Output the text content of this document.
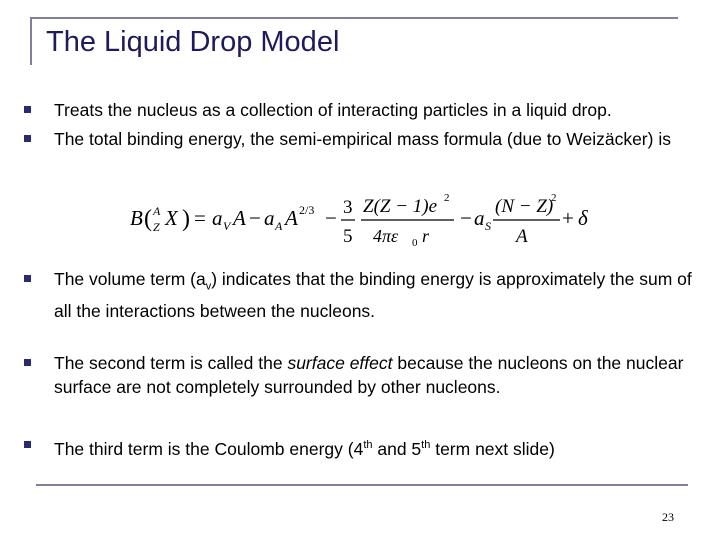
The Liquid Drop Model
Treats the nucleus as a collection of interacting particles in a liquid drop.
The total binding energy, the semi-empirical mass formula (due to Weizäcker) is
B ( A
Z X ) = a V A − a A A 2/3 − 3
5
Z(Z − 1)e 2
4πε 0 r
− a S
(N − Z)
2
A
+ δ
The volume term $(a_v)$ indicates that the binding energy is approximately the sum of all the interactions between the nucleons.
The second term is called the surface effect because the nucleons on the nuclear surface are not completely surrounded by other nucleons.
The third term is the Coulomb energy (4th and 5th term next slide)
23
